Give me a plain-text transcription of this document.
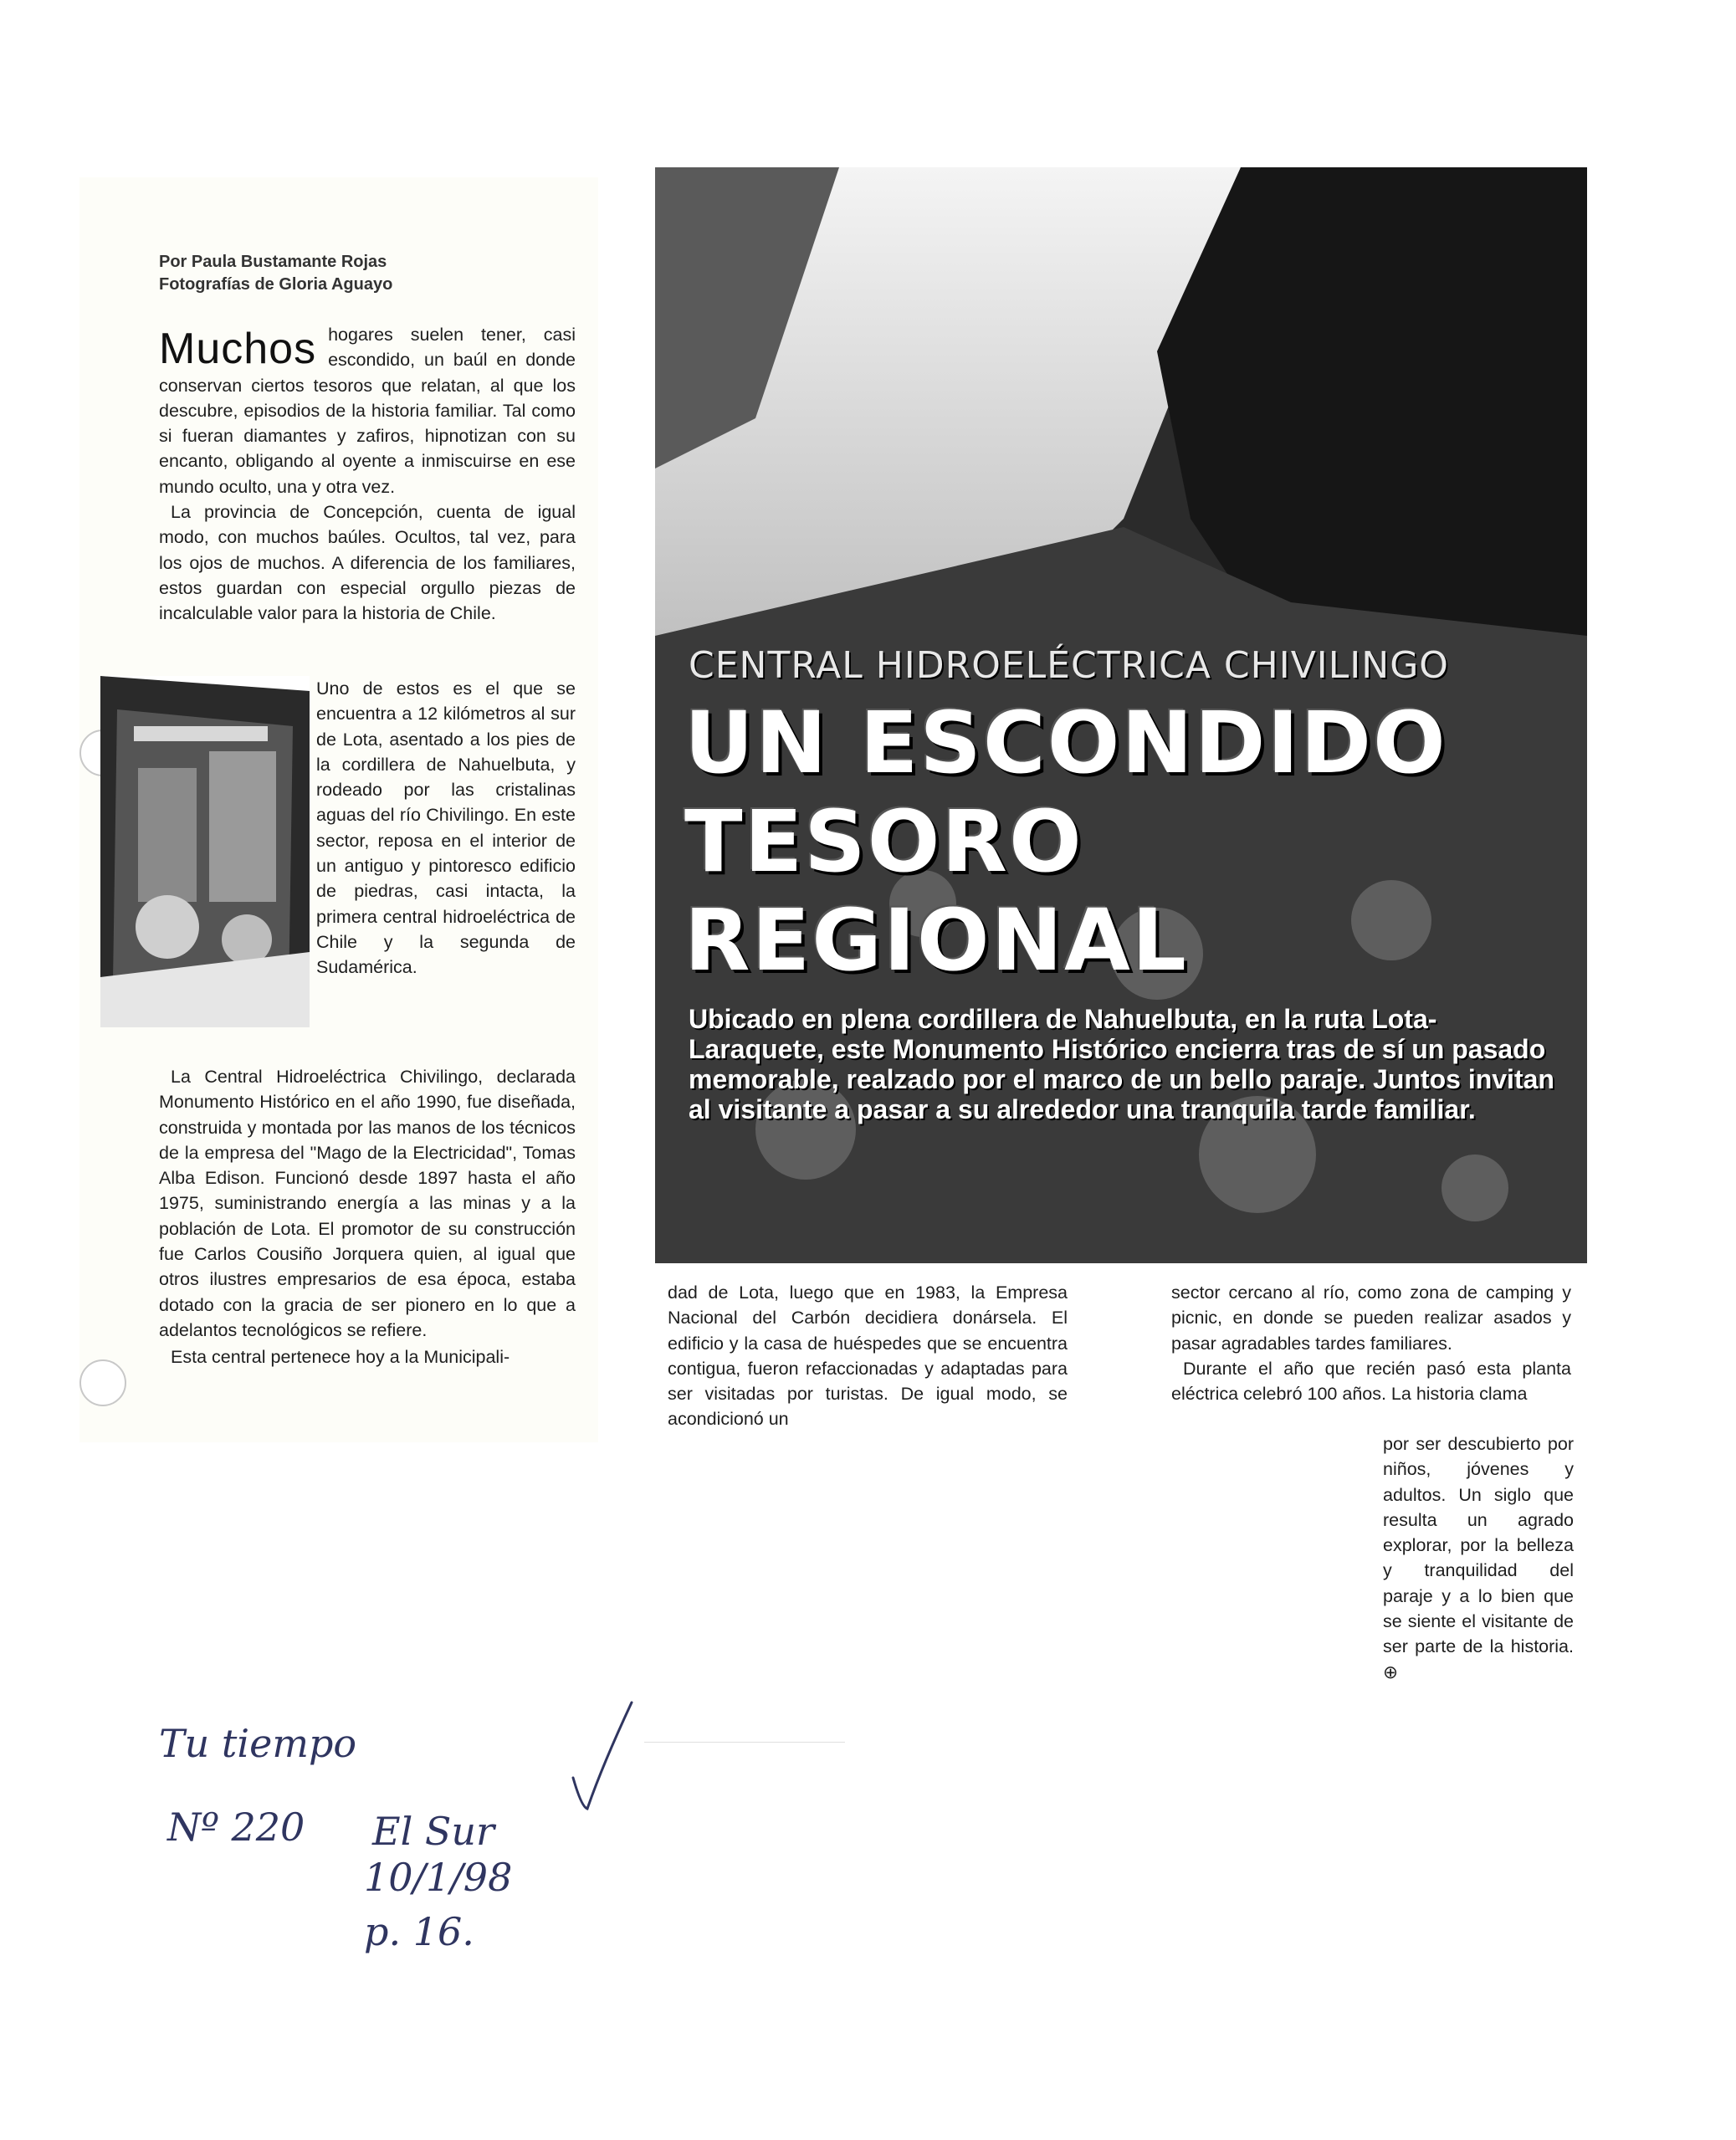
Por Paula Bustamante Rojas
Fotografías de Gloria Aguayo

Muchos hogares suelen tener, casi escondido, un baúl en donde conservan ciertos tesoros que relatan, al que los descubre, episodios de la historia familiar. Tal como si fueran diamantes y zafiros, hipnotizan con su encanto, obligando al oyente a inmiscuirse en ese mundo oculto, una y otra vez.

La provincia de Concepción, cuenta de igual modo, con muchos baúles. Ocultos, tal vez, para los ojos de muchos. A diferencia de los familiares, estos guardan con especial orgullo piezas de incalculable valor para la historia de Chile.

Uno de estos es el que se encuentra a 12 kilómetros al sur de Lota, asentado a los pies de la cordillera de Nahuelbuta, y rodeado por las cristalinas aguas del río Chivilingo. En este sector, reposa en el interior de un antiguo y pintoresco edificio de piedras, casi intacta, la primera central hidroeléctrica de Chile y la segunda de Sudamérica.

La Central Hidroeléctrica Chivilingo, declarada Monumento Histórico en el año 1990, fue diseñada, construida y montada por las manos de los técnicos de la empresa del "Mago de la Electricidad", Tomas Alba Edison. Funcionó desde 1897 hasta el año 1975, suministrando energía a las minas y a la población de Lota. El promotor de su construcción fue Carlos Cousiño Jorquera quien, al igual que otros ilustres empresarios de esa época, estaba dotado con la gracia de ser pionero en lo que a adelantos tecnológicos se refiere.

Esta central pertenece hoy a la Municipali-

CENTRAL HIDROELÉCTRICA CHIVILINGO
UN ESCONDIDO
TESORO REGIONAL
Ubicado en plena cordillera de Nahuelbuta, en la ruta Lota-Laraquete, este Monumento Histórico encierra tras de sí un pasado memorable, realzado por el marco de un bello paraje. Juntos invitan al visitante a pasar a su alrededor una tranquila tarde familiar.

dad de Lota, luego que en 1983, la Empresa Nacional del Carbón decidiera donársela. El edificio y la casa de huéspedes que se encuentra contigua, fueron refaccionadas y adaptadas para ser visitadas por turistas. De igual modo, se acondicionó un

sector cercano al río, como zona de camping y picnic, en donde se pueden realizar asados y pasar agradables tardes familiares.

Durante el año que recién pasó esta planta eléctrica celebró 100 años. La historia clama

por ser descubierto por niños, jóvenes y adultos. Un siglo que resulta un agrado explorar, por la belleza y tranquilidad del paraje y a lo bien que se siente el visitante de ser parte de la historia. ⊕

Tu tiempo
Nº 220 El Sur
10/1/98
p. 16.
